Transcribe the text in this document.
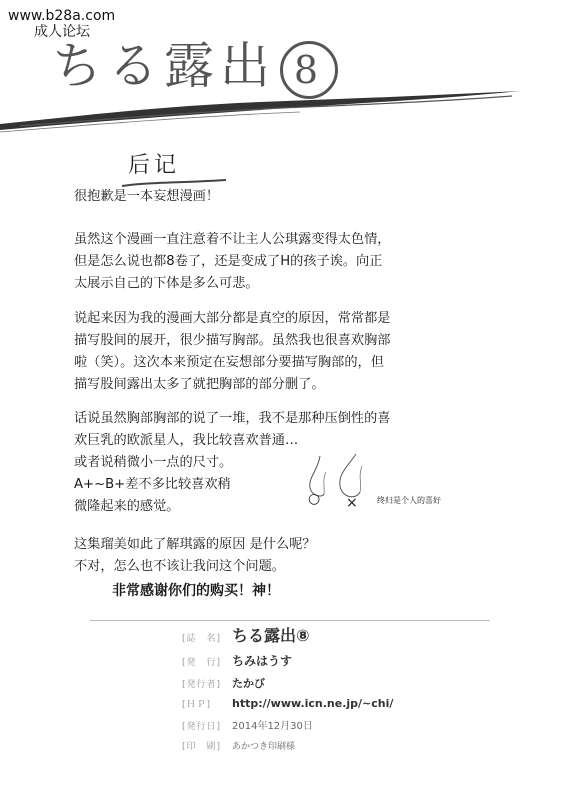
www.b28a.com
成人论坛
ちる露出 8
后记

很抱歉是一本妄想漫画！

虽然这个漫画一直注意着不让主人公琪露变得太色情，

但是怎么说也都8卷了，还是变成了H的孩子诶。向正

太展示自己的下体是多么可悲。

说起来因为我的漫画大部分都是真空的原因，常常都是

描写股间的展开，很少描写胸部。虽然我也很喜欢胸部

啦（笑）。这次本来预定在妄想部分要描写胸部的，但

描写股间露出太多了就把胸部的部分删了。

话说虽然胸部胸部的说了一堆，我不是那种压倒性的喜

欢巨乳的欧派星人，我比较喜欢普通…

或者说稍微小一点的尺寸。

A+~B+差不多比较喜欢稍

微隆起来的感觉。	○ × 终归是个人的喜好

这集瑠美如此了解琪露的原因 是什么呢？

不对，怎么也不该让我问这个问题。

非常感谢你们的购买！神！
[誌　名] ちる露出⑧
[発　行] ちみはうす
[発行者] たかび
[ＨＰ] http://www.icn.ne.jp/~chi/
[発行日] 2014年12月30日
[印　刷] あかつき印刷様
